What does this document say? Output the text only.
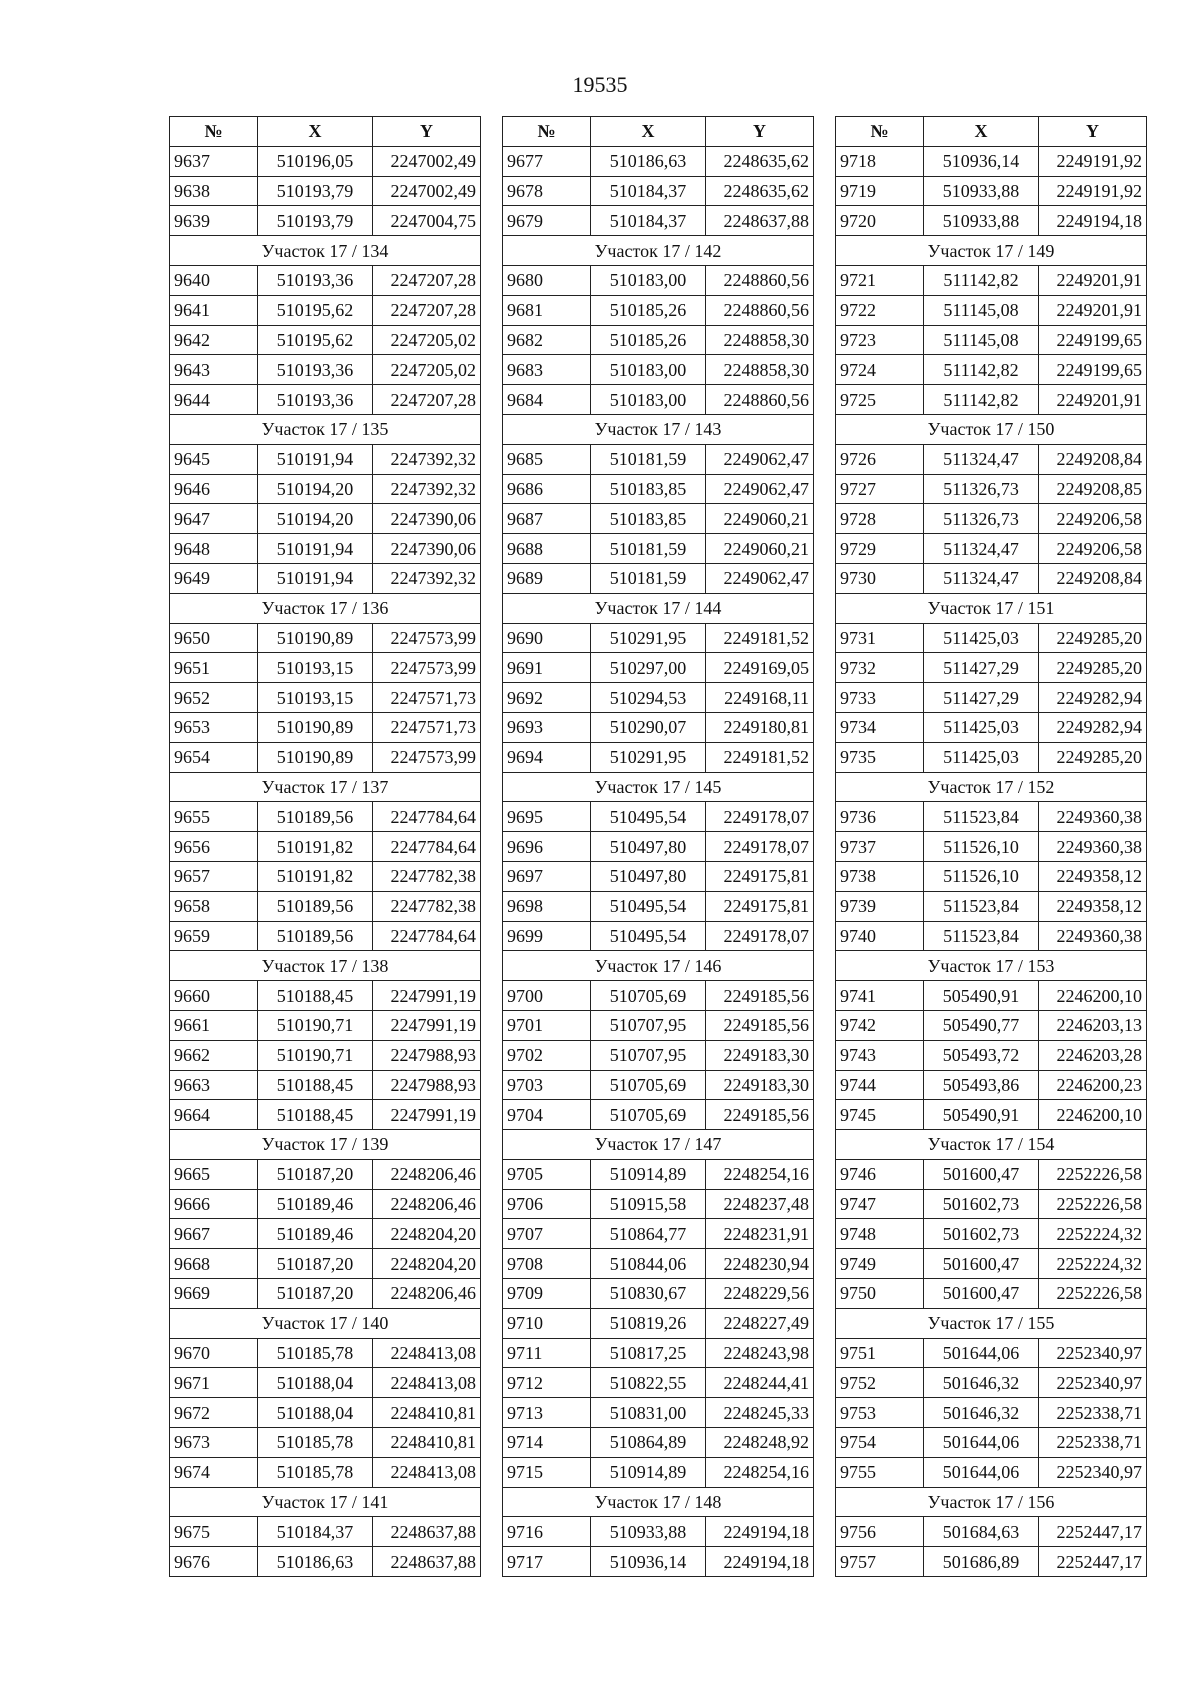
19535
№	X	Y
9637	510196,05	2247002,49
9638	510193,79	2247002,49
9639	510193,79	2247004,75
Участок 17 / 134		
9640	510193,36	2247207,28
9641	510195,62	2247207,28
9642	510195,62	2247205,02
9643	510193,36	2247205,02
9644	510193,36	2247207,28
Участок 17 / 135		
9645	510191,94	2247392,32
9646	510194,20	2247392,32
9647	510194,20	2247390,06
9648	510191,94	2247390,06
9649	510191,94	2247392,32
Участок 17 / 136		
9650	510190,89	2247573,99
9651	510193,15	2247573,99
9652	510193,15	2247571,73
9653	510190,89	2247571,73
9654	510190,89	2247573,99
Участок 17 / 137		
9655	510189,56	2247784,64
9656	510191,82	2247784,64
9657	510191,82	2247782,38
9658	510189,56	2247782,38
9659	510189,56	2247784,64
Участок 17 / 138		
9660	510188,45	2247991,19
9661	510190,71	2247991,19
9662	510190,71	2247988,93
9663	510188,45	2247988,93
9664	510188,45	2247991,19
Участок 17 / 139		
9665	510187,20	2248206,46
9666	510189,46	2248206,46
9667	510189,46	2248204,20
9668	510187,20	2248204,20
9669	510187,20	2248206,46
Участок 17 / 140		
9670	510185,78	2248413,08
9671	510188,04	2248413,08
9672	510188,04	2248410,81
9673	510185,78	2248410,81
9674	510185,78	2248413,08
Участок 17 / 141		
9675	510184,37	2248637,88
9676	510186,63	2248637,88
№	X	Y
9677	510186,63	2248635,62
9678	510184,37	2248635,62
9679	510184,37	2248637,88
Участок 17 / 142		
9680	510183,00	2248860,56
9681	510185,26	2248860,56
9682	510185,26	2248858,30
9683	510183,00	2248858,30
9684	510183,00	2248860,56
Участок 17 / 143		
9685	510181,59	2249062,47
9686	510183,85	2249062,47
9687	510183,85	2249060,21
9688	510181,59	2249060,21
9689	510181,59	2249062,47
Участок 17 / 144		
9690	510291,95	2249181,52
9691	510297,00	2249169,05
9692	510294,53	2249168,11
9693	510290,07	2249180,81
9694	510291,95	2249181,52
Участок 17 / 145		
9695	510495,54	2249178,07
9696	510497,80	2249178,07
9697	510497,80	2249175,81
9698	510495,54	2249175,81
9699	510495,54	2249178,07
Участок 17 / 146		
9700	510705,69	2249185,56
9701	510707,95	2249185,56
9702	510707,95	2249183,30
9703	510705,69	2249183,30
9704	510705,69	2249185,56
Участок 17 / 147		
9705	510914,89	2248254,16
9706	510915,58	2248237,48
9707	510864,77	2248231,91
9708	510844,06	2248230,94
9709	510830,67	2248229,56
9710	510819,26	2248227,49
9711	510817,25	2248243,98
9712	510822,55	2248244,41
9713	510831,00	2248245,33
9714	510864,89	2248248,92
9715	510914,89	2248254,16
Участок 17 / 148		
9716	510933,88	2249194,18
9717	510936,14	2249194,18
№	X	Y
9718	510936,14	2249191,92
9719	510933,88	2249191,92
9720	510933,88	2249194,18
Участок 17 / 149		
9721	511142,82	2249201,91
9722	511145,08	2249201,91
9723	511145,08	2249199,65
9724	511142,82	2249199,65
9725	511142,82	2249201,91
Участок 17 / 150		
9726	511324,47	2249208,84
9727	511326,73	2249208,85
9728	511326,73	2249206,58
9729	511324,47	2249206,58
9730	511324,47	2249208,84
Участок 17 / 151		
9731	511425,03	2249285,20
9732	511427,29	2249285,20
9733	511427,29	2249282,94
9734	511425,03	2249282,94
9735	511425,03	2249285,20
Участок 17 / 152		
9736	511523,84	2249360,38
9737	511526,10	2249360,38
9738	511526,10	2249358,12
9739	511523,84	2249358,12
9740	511523,84	2249360,38
Участок 17 / 153		
9741	505490,91	2246200,10
9742	505490,77	2246203,13
9743	505493,72	2246203,28
9744	505493,86	2246200,23
9745	505490,91	2246200,10
Участок 17 / 154		
9746	501600,47	2252226,58
9747	501602,73	2252226,58
9748	501602,73	2252224,32
9749	501600,47	2252224,32
9750	501600,47	2252226,58
Участок 17 / 155		
9751	501644,06	2252340,97
9752	501646,32	2252340,97
9753	501646,32	2252338,71
9754	501644,06	2252338,71
9755	501644,06	2252340,97
Участок 17 / 156		
9756	501684,63	2252447,17
9757	501686,89	2252447,17
